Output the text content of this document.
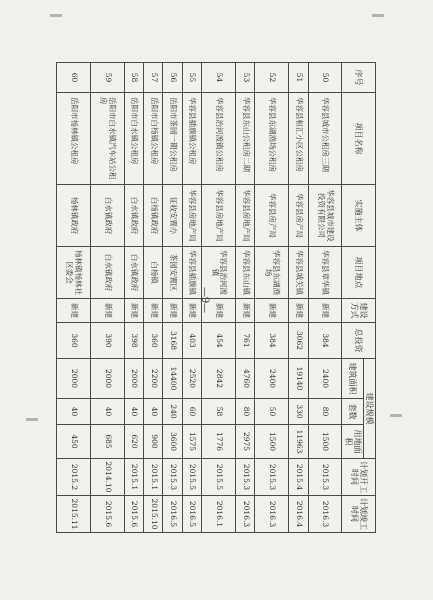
序号	项目名称	实施主体	项目地点	建设方式	总投资	建设规模			计划开工时间	计划竣工时间
						建筑面积	套数	用地面积		
50	华容县城市公租房三期	华容县城市建设投资有限公司	华容县章华镇	新建	384	2400	80	1500	2015.3	2016.3
51	华容县桓汇小区公租房	华容县房产局	华容县城关镇	新建	3062	19140	330	11963	2015.4	2016.4
52	华容县东湖渔场公租房	华容县房产局	华容县东湖渔场	新建	384	2400	50	1500	2015.3	2016.3
53	华容县东山公租房二期	华容县房地产局	华容县东山镇	新建	761	4760	80	2975	2015.3	2016.3
54	华容县治河渡镇公租房	华容县房地产局	华容县治河渡镇	新建	454	2842	58	1776	2015.5	2016.1
55	华容县插旗镇公租房	华容县房地产局	华容县插旗镇	新建	403	2520	60	1575	2015.5	2016.5
56	岳阳市茶园一期公租房	征收安置办	茶园安置区	新建	3168	14400	240	3600	2015.3	2016.5
57	岳阳市白杨镇公租房	白杨镇政府	白杨镇	新建	360	2200	40	900	2015.1	2015.10
58	岳阳市白水镇公租房	白水镇政府	白水镇政府	新建	398	2000	40	620	2015.1	2015.6
59	岳阳市白水镇汽车站公租房	白水镇政府	白水镇政府	新建	390	2000	40	685	2014.10	2015.6
60	岳阳市杨林镇公租房	杨林镇政府	杨林镇杨林社区委会	新建	360	2000	40	450	2015.2	2015.11
—9—
